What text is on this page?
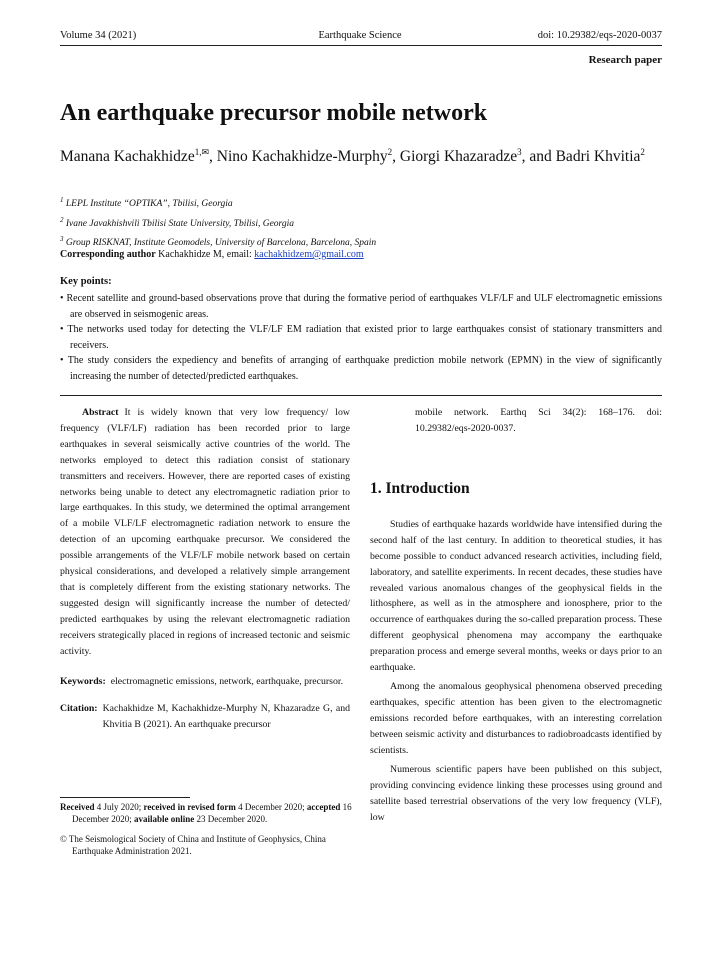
Volume 34 (2021)	Earthquake Science	doi: 10.29382/eqs-2020-0037
Research paper
An earthquake precursor mobile network
Manana Kachakhidze$^{1,✉}$, Nino Kachakhidze-Murphy$^2$, Giorgi Khazaradze$^3$, and Badri Khvitia$^2$
$^1$ LEPL Institute “OPTIKA”, Tbilisi, Georgia
$^2$ Ivane Javakhishvili Tbilisi State University, Tbilisi, Georgia
$^3$ Group RISKNAT, Institute Geomodels, University of Barcelona, Barcelona, Spain
Corresponding author Kachakhidze M, email: kachakhidzem@gmail.com
Key points:
• Recent satellite and ground-based observations prove that during the formative period of earthquakes VLF/LF and ULF electromagnetic emissions are observed in seismogenic areas.
• The networks used today for detecting the VLF/LF EM radiation that existed prior to large earthquakes consist of stationary transmitters and receivers.
• The study considers the expediency and benefits of arranging of earthquake prediction mobile network (EPMN) in the view of significantly increasing the number of detected/predicted earthquakes.
Abstract It is widely known that very low frequency/ low frequency (VLF/LF) radiation has been recorded prior to large earthquakes in several seismically active countries of the world. The networks employed to detect this radiation consist of stationary transmitters and receivers. However, there are reported cases of existing networks being unable to detect any electromagnetic radiation prior to large earthquakes. In this study, we determined the optimal arrangement of a mobile VLF/LF electromagnetic radiation network to ensure the detection of an upcoming earthquake precursor. We considered the possible arrangements of the VLF/LF mobile network based on certain physical considerations, and developed a relatively simple arrangement that is completely different from the existing stationary networks. The suggested design will significantly increase the number of detected/ predicted earthquakes by using the relevant electromagnetic radiation receivers strategically placed in regions of increased tectonic and seismic activity.
Keywords: electromagnetic emissions, network, earthquake, precursor.
Citation: Kachakhidze M, Kachakhidze-Murphy N, Khazaradze G, and Khvitia B (2021). An earthquake precursor
Received 4 July 2020; received in revised form 4 December 2020; accepted 16 December 2020; available online 23 December 2020.
© The Seismological Society of China and Institute of Geophysics, China Earthquake Administration 2021.
mobile network. Earthq Sci 34(2): 168–176. doi: 10.29382/eqs-2020-0037.
1. Introduction

Studies of earthquake hazards worldwide have intensified during the second half of the last century. In addition to theoretical studies, it has become possible to conduct advanced research activities, including field, laboratory, and satellite experiments. In recent decades, these studies have revealed various anomalous changes of the geophysical fields in the lithosphere, as well as in the atmosphere and ionosphere, prior to the occurrence of earthquakes during the so-called preparation process. These different geophysical phenomena may accompany the earthquake preparation process and emerge several months, weeks or days prior to an earthquake.

Among the anomalous geophysical phenomena observed preceding earthquakes, specific attention has been given to the electromagnetic emissions recorded before earthquakes, with an interesting correlation between seismic activity and disturbances to radiobroadcasts identified by scientists.

Numerous scientific papers have been published on this subject, providing convincing evidence linking these processes using ground and satellite based terrestrial observations of the very low frequency (VLF), low
